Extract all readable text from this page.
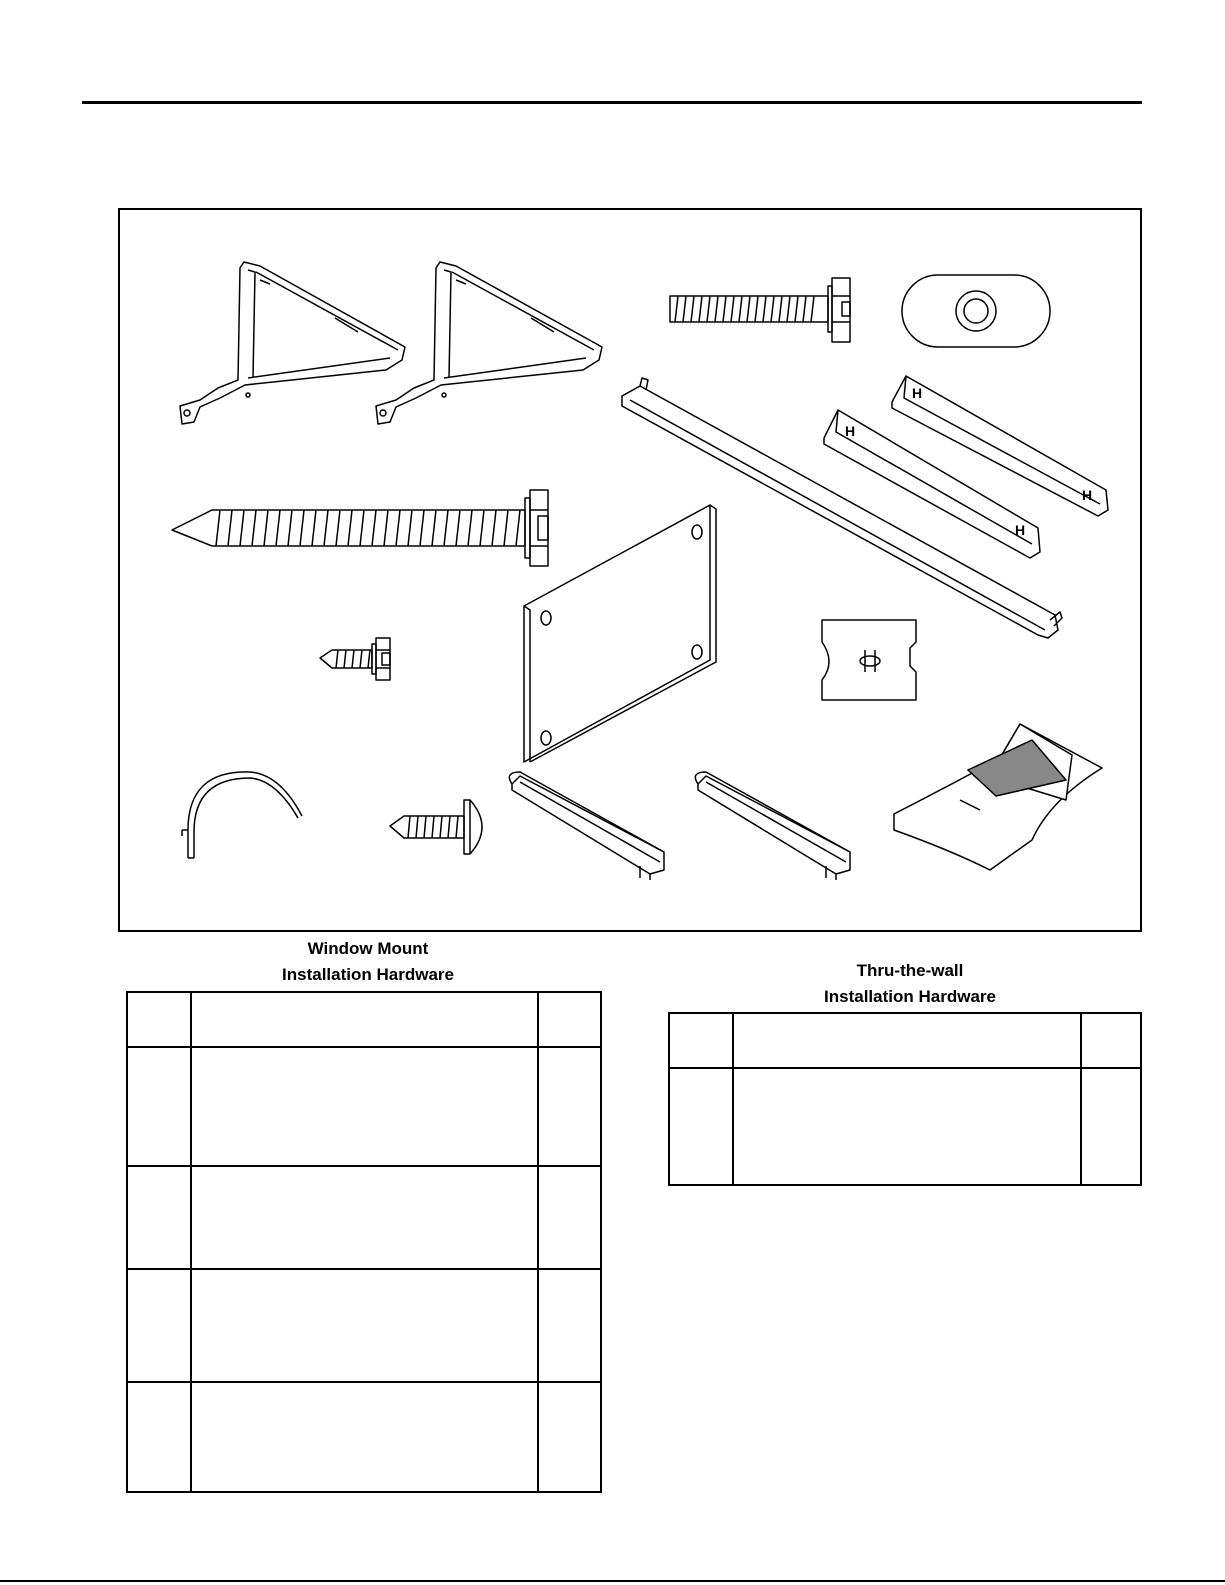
H
H
H
H
Window Mount
Installation Hardware	Thru-the-wall
Installation Hardware
